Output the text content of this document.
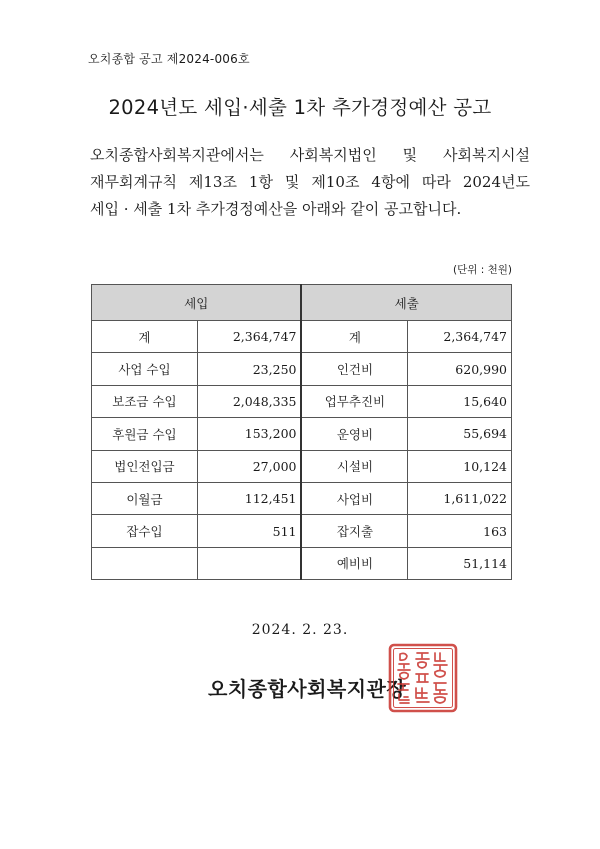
오치종합 공고 제2024-006호
2024년도 세입·세출 1차 추가경정예산 공고
오치종합사회복지관에서는 사회복지법인 및 사회복지시설
재무회계규칙 제13조 1항 및 제10조 4항에 따라 2024년도
세입 · 세출 1차 추가경정예산을 아래와 같이 공고합니다.
(단위 : 천원)
세입		세출	
계	2,364,747	계	2,364,747
사업 수입	23,250	인건비	620,990
보조금 수입	2,048,335	업무추진비	15,640
후원금 수입	153,200	운영비	55,694
법인전입금	27,000	시설비	10,124
이월금	112,451	사업비	1,611,022
잡수입	511	잡지출	163
		예비비	51,114
2024. 2. 23.
오치종합사회복지관장
